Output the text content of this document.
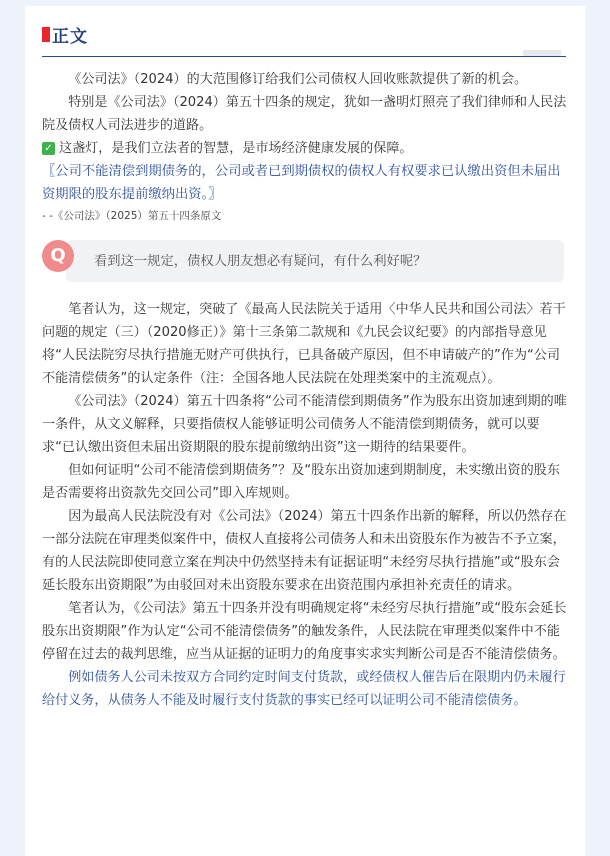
正文

《公司法》（2024）的大范围修订给我们公司债权人回收账款提供了新的机会。

特别是《公司法》（2024）第五十四条的规定，犹如一盏明灯照亮了我们律师和人民法院及债权人司法进步的道路。

✓ 这盏灯，是我们立法者的智慧，是市场经济健康发展的保障。

〖公司不能清偿到期债务的，公司或者已到期债权的债权人有权要求已认缴出资但未届出资期限的股东提前缴纳出资。〗

- -《公司法》（2025）第五十四条原文

Q	看到这一规定，债权人朋友想必有疑问，有什么利好呢？

笔者认为，这一规定，突破了《最高人民法院关于适用〈中华人民共和国公司法〉若干问题的规定（三）（2020修正）》第十三条第二款规和《九民会议纪要》的内部指导意见将“人民法院穷尽执行措施无财产可供执行，已具备破产原因，但不申请破产的”作为“公司不能清偿债务”的认定条件（注：全国各地人民法院在处理类案中的主流观点）。

《公司法》（2024）第五十四条将“公司不能清偿到期债务”作为股东出资加速到期的唯一条件，从文义解释，只要指债权人能够证明公司债务人不能清偿到期债务，就可以要求“已认缴出资但未届出资期限的股东提前缴纳出资”这一期待的结果要件。

但如何证明“公司不能清偿到期债务”？及“股东出资加速到期制度，未实缴出资的股东是否需要将出资款先交回公司”即入库规则。

因为最高人民法院没有对《公司法》（2024）第五十四条作出新的解释，所以仍然存在一部分法院在审理类似案件中，债权人直接将公司债务人和未出资股东作为被告不予立案，有的人民法院即使同意立案在判决中仍然坚持未有证据证明“未经穷尽执行措施”或“股东会延长股东出资期限”为由驳回对未出资股东要求在出资范围内承担补充责任的请求。

笔者认为，《公司法》第五十四条并没有明确规定将“未经穷尽执行措施”或“股东会延长股东出资期限”作为认定“公司不能清偿债务”的触发条件，人民法院在审理类似案件中不能停留在过去的裁判思维，应当从证据的证明力的角度事实求实判断公司是否不能清偿债务。

例如债务人公司未按双方合同约定时间支付货款，或经债权人催告后在限期内仍未履行给付义务，从债务人不能及时履行支付货款的事实已经可以证明公司不能清偿债务。
